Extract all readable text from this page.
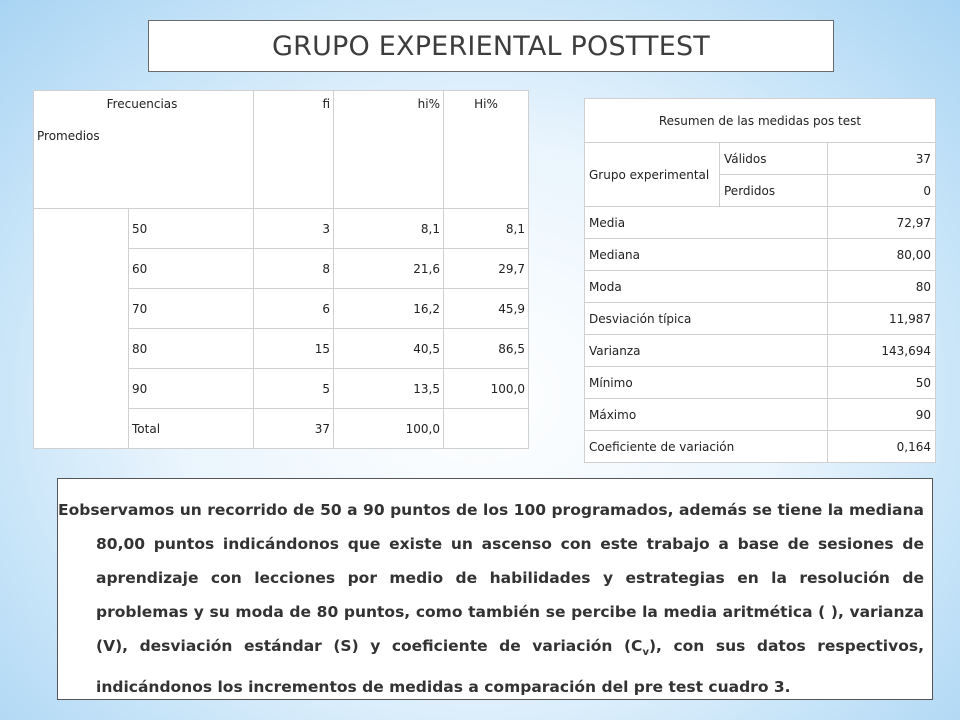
GRUPO EXPERIENTAL POSTTEST
Frecuencias
Promedios		fi	hi%	Hi%

	50	3	8,1	8,1
	60	8	21,6	29,7
	70	6	16,2	45,9
	80	15	40,5	86,5
	90	5	13,5	100,0
	Total	37	100,0	
Resumen de las medidas pos test		
Grupo experimental	Válidos	37
	Perdidos	0
Media		72,97
Mediana		80,00
Moda		80
Desviación típica		11,987
Varianza		143,694
Mínimo		50
Máximo		90
Coeficiente de variación		0,164

Eobservamos un recorrido de 50 a 90 puntos de los 100 programados, además se tiene la mediana 80,00 puntos indicándonos que existe un ascenso con este trabajo a base de sesiones de aprendizaje con lecciones por medio de habilidades y estrategias en la resolución de problemas y su moda de 80 puntos, como también se percibe la media aritmética ( ), varianza (V), desviación estándar (S) y coeficiente de variación $(C_v)$, con sus datos respectivos, indicándonos los incrementos de medidas a comparación del pre test cuadro 3.
